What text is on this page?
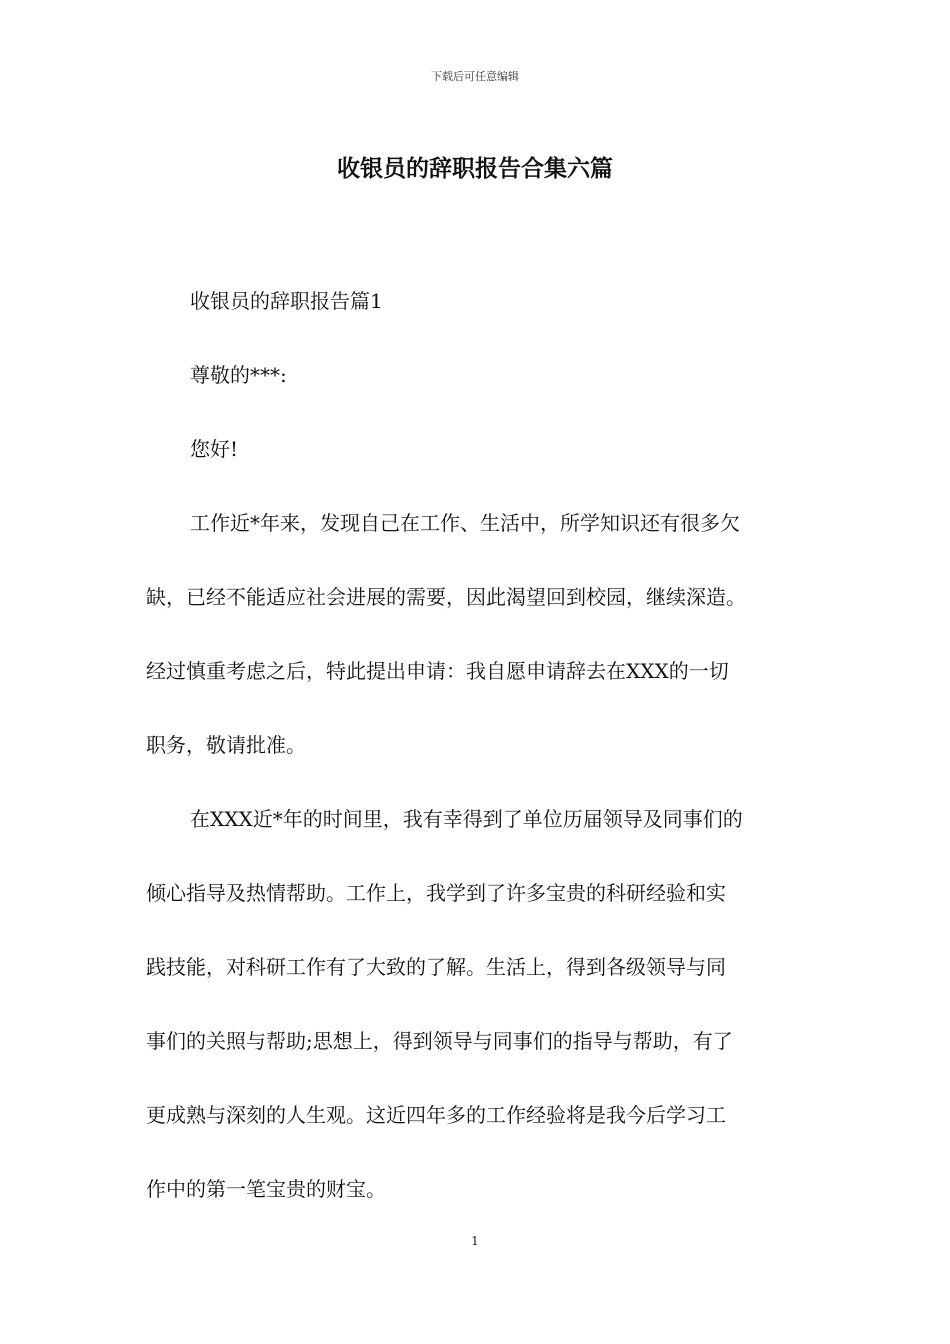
下载后可任意编辑
收银员的辞职报告合集六篇
收银员的辞职报告篇1
尊敬的***:
您好!
工作近*年来，发现自己在工作、生活中，所学知识还有很多欠
缺，已经不能适应社会进展的需要，因此渴望回到校园，继续深造。
经过慎重考虑之后，特此提出申请：我自愿申请辞去在XXX的一切
职务，敬请批准。
在XXX近*年的时间里，我有幸得到了单位历届领导及同事们的
倾心指导及热情帮助。工作上，我学到了许多宝贵的科研经验和实
践技能，对科研工作有了大致的了解。生活上，得到各级领导与同
事们的关照与帮助;思想上，得到领导与同事们的指导与帮助，有了
更成熟与深刻的人生观。这近四年多的工作经验将是我今后学习工
作中的第一笔宝贵的财宝。
1
